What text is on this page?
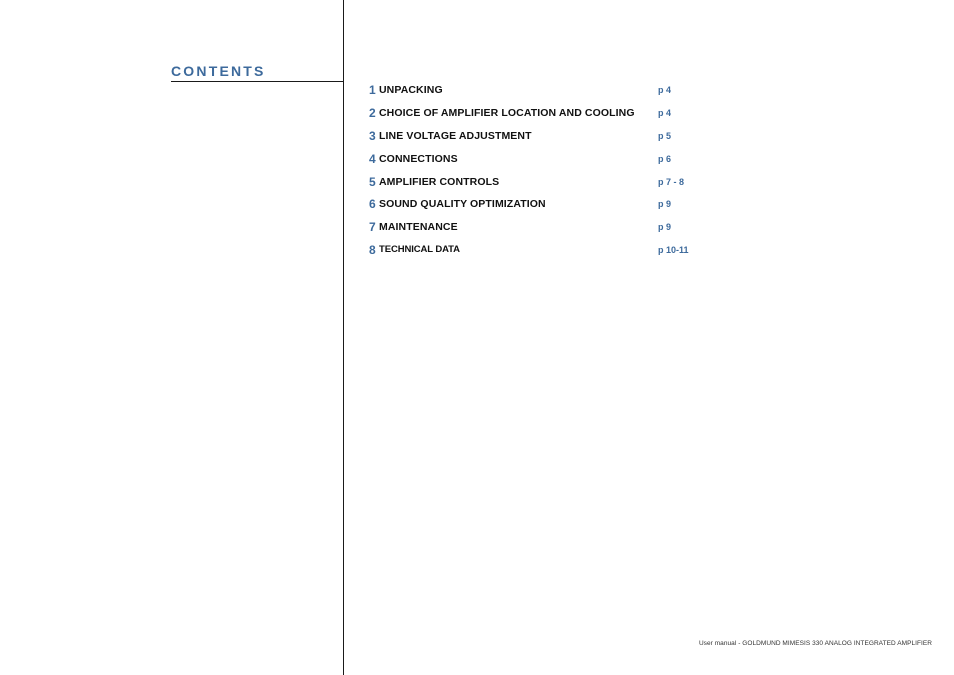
CONTENTS
1 UNPACKING	p 4
2 CHOICE OF AMPLIFIER LOCATION AND COOLING	p 4
3 LINE VOLTAGE ADJUSTMENT	p 5
4 CONNECTIONS	p 6
5 AMPLIFIER CONTROLS	p 7 - 8
6 SOUND QUALITY OPTIMIZATION	p 9
7 MAINTENANCE	p 9
8 TECHNICAL DATA	p 10-11
User manual - GOLDMUND MIMESIS 330 ANALOG INTEGRATED AMPLIFIER
